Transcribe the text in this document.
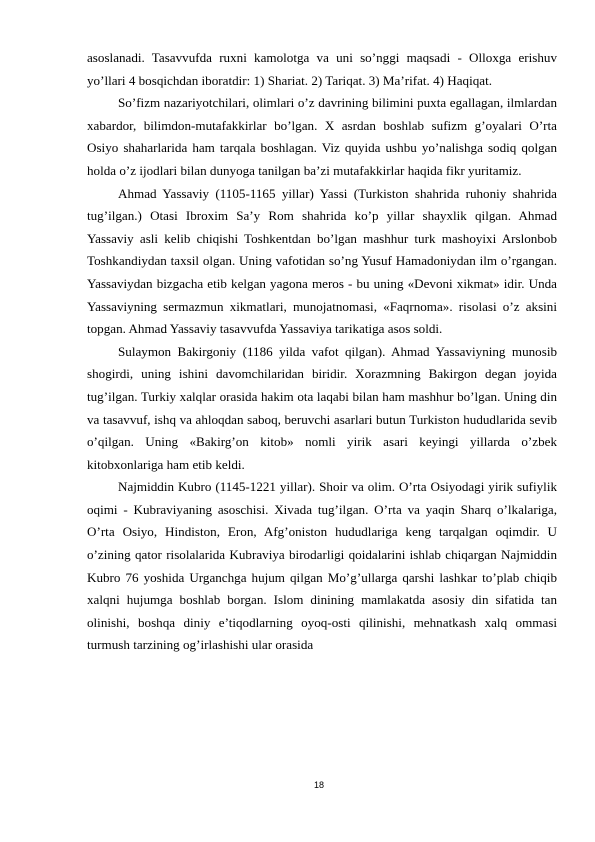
asoslanadi. Tasavvufda ruxni kamolotga va uni so’nggi maqsadi - Olloxga erishuv yo’llari 4 bosqichdan iboratdir: 1) Shariat. 2) Tariqat. 3) Ma’rifat. 4) Haqiqat.

So’fizm nazariyotchilari, olimlari o’z davrining bilimini puxta egallagan, ilmlardan xabardor, bilimdon-mutafakkirlar bo’lgan. X asrdan boshlab sufizm g’oyalari O’rta Osiyo shaharlarida ham tarqala boshlagan. Viz quyida ushbu yo’nalishga sodiq qolgan holda o’z ijodlari bilan dunyoga tanilgan ba’zi mutafakkirlar haqida fikr yuritamiz.

Ahmad Yassaviy (1105-1165 yillar) Yassi (Turkiston shahrida ruhoniy shahrida tug’ilgan.) Otasi Ibroxim Sa’y Rom shahrida ko’p yillar shayxlik qilgan. Ahmad Yassaviy asli kelib chiqishi Toshkentdan bo’lgan mashhur turk mashoyixi Arslonbob Toshkandiydan taxsil olgan. Uning vafotidan so’ng Yusuf Hamadoniydan ilm o’rgangan. Yassaviydan bizgacha etib kelgan yagona meros - bu uning «Devoni xikmat» idir. Unda Yassaviyning sermazmun xikmatlari, munojatnomasi, «Faqrnoma». risolasi o’z aksini topgan. Ahmad Yassaviy tasavvufda Yassaviya tarikatiga asos soldi.

Sulaymon Bakirgoniy (1186 yilda vafot qilgan). Ahmad Yassaviyning munosib shogirdi, uning ishini davomchilaridan biridir. Xorazmning Bakirgon degan joyida tug’ilgan. Turkiy xalqlar orasida hakim ota laqabi bilan ham mashhur bo’lgan. Uning din va tasavvuf, ishq va ahloqdan saboq, beruvchi asarlari butun Turkiston hududlarida sevib o’qilgan. Uning «Bakirg’on kitob» nomli yirik asari keyingi yillarda o’zbek kitobxonlariga ham etib keldi.

Najmiddin Kubro (1145-1221 yillar). Shoir va olim. O’rta Osiyodagi yirik sufiylik oqimi - Kubraviyaning asoschisi. Xivada tug’ilgan. O’rta va yaqin Sharq o’lkalariga, O’rta Osiyo, Hindiston, Eron, Afg’oniston hududlariga keng tarqalgan oqimdir. U o’zining qator risolalarida Kubraviya birodarligi qoidalarini ishlab chiqargan Najmiddin Kubro 76 yoshida Urganchga hujum qilgan Mo’g’ullarga qarshi lashkar to’plab chiqib xalqni hujumga boshlab borgan. Islom dinining mamlakatda asosiy din sifatida tan olinishi, boshqa diniy e’tiqodlarning oyoq-osti qilinishi, mehnatkash xalq ommasi turmush tarzining og’irlashishi ular orasida

18
